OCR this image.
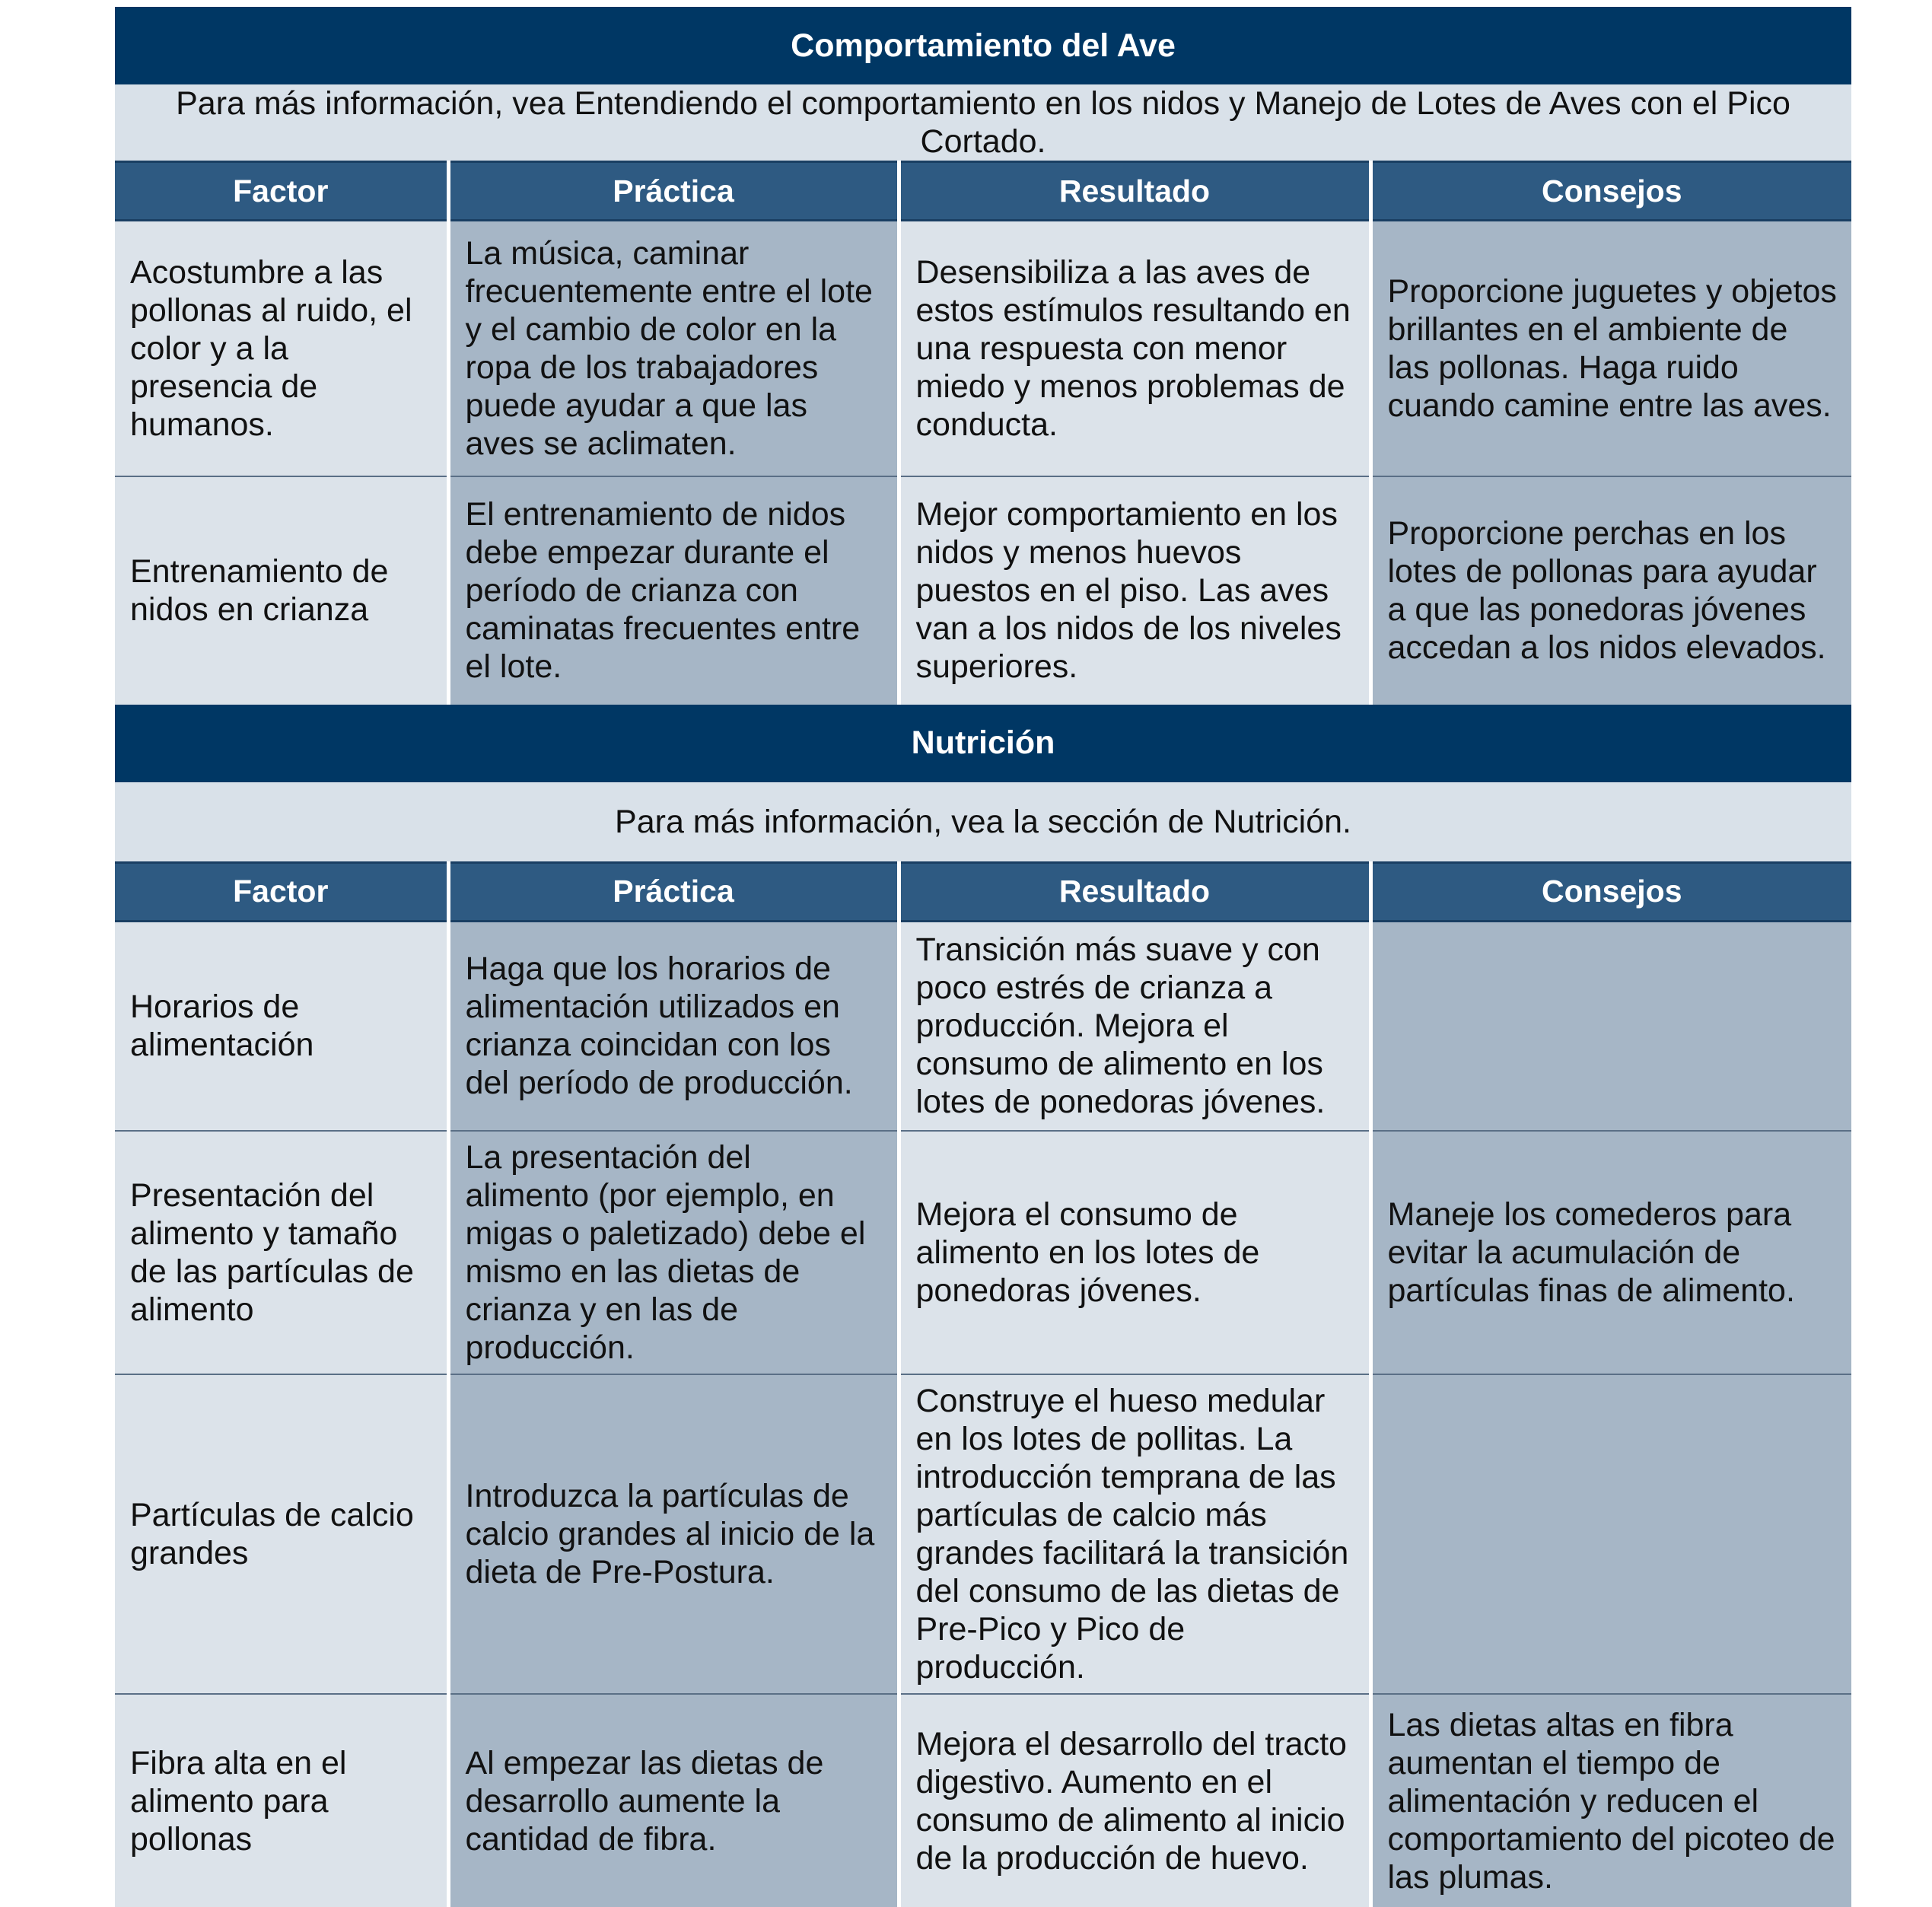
Comportamiento del Ave			
Para más información, vea Entendiendo el comportamiento en los nidos y Manejo de Lotes de Aves con el Pico Cortado.			
Factor	Práctica	Resultado	Consejos
Acostumbre a las pollonas al ruido, el color y a la presencia de humanos.	La música, caminar frecuentemente entre el lote y el cambio de color en la ropa de los trabajadores puede ayudar a que las aves se aclimaten.	Desensibiliza a las aves de estos estímulos resultando en una respuesta con menor miedo y menos problemas de conducta.	Proporcione juguetes y objetos brillantes en el ambiente de las pollonas. Haga ruido cuando camine entre las aves.
Entrenamiento de nidos en crianza	El entrenamiento de nidos debe empezar durante el período de crianza con caminatas frecuentes entre el lote.	Mejor comportamiento en los nidos y menos huevos puestos en el piso. Las aves van a los nidos de los niveles superiores.	Proporcione perchas en los lotes de pollonas para ayudar a que las ponedoras jóvenes accedan a los nidos elevados.
Nutrición			
Para más información, vea la sección de Nutrición.			
Factor	Práctica	Resultado	Consejos
Horarios de alimentación	Haga que los horarios de alimentación utilizados en crianza coincidan con los del período de producción.	Transición más suave y con poco estrés de crianza a producción. Mejora el consumo de alimento en los lotes de ponedoras jóvenes.	
Presentación del alimento y tamaño de las partículas de alimento	La presentación del alimento (por ejemplo, en migas o paletizado) debe el mismo en las dietas de crianza y en las de producción.	Mejora el consumo de alimento en los lotes de ponedoras jóvenes.	Maneje los comederos para evitar la acumulación de partículas finas de alimento.
Partículas de calcio grandes	Introduzca la partículas de calcio grandes al inicio de la dieta de Pre-Postura.	Construye el hueso medular en los lotes de pollitas. La introducción temprana de las partículas de calcio más grandes facilitará la transición del consumo de las dietas de Pre-Pico y Pico de producción.	
Fibra alta en el alimento para pollonas	Al empezar las dietas de desarrollo aumente la cantidad de fibra.	Mejora el desarrollo del tracto digestivo. Aumento en el consumo de alimento al inicio de la producción de huevo.	Las dietas altas en fibra aumentan el tiempo de alimentación y reducen el comportamiento del picoteo de las plumas.
